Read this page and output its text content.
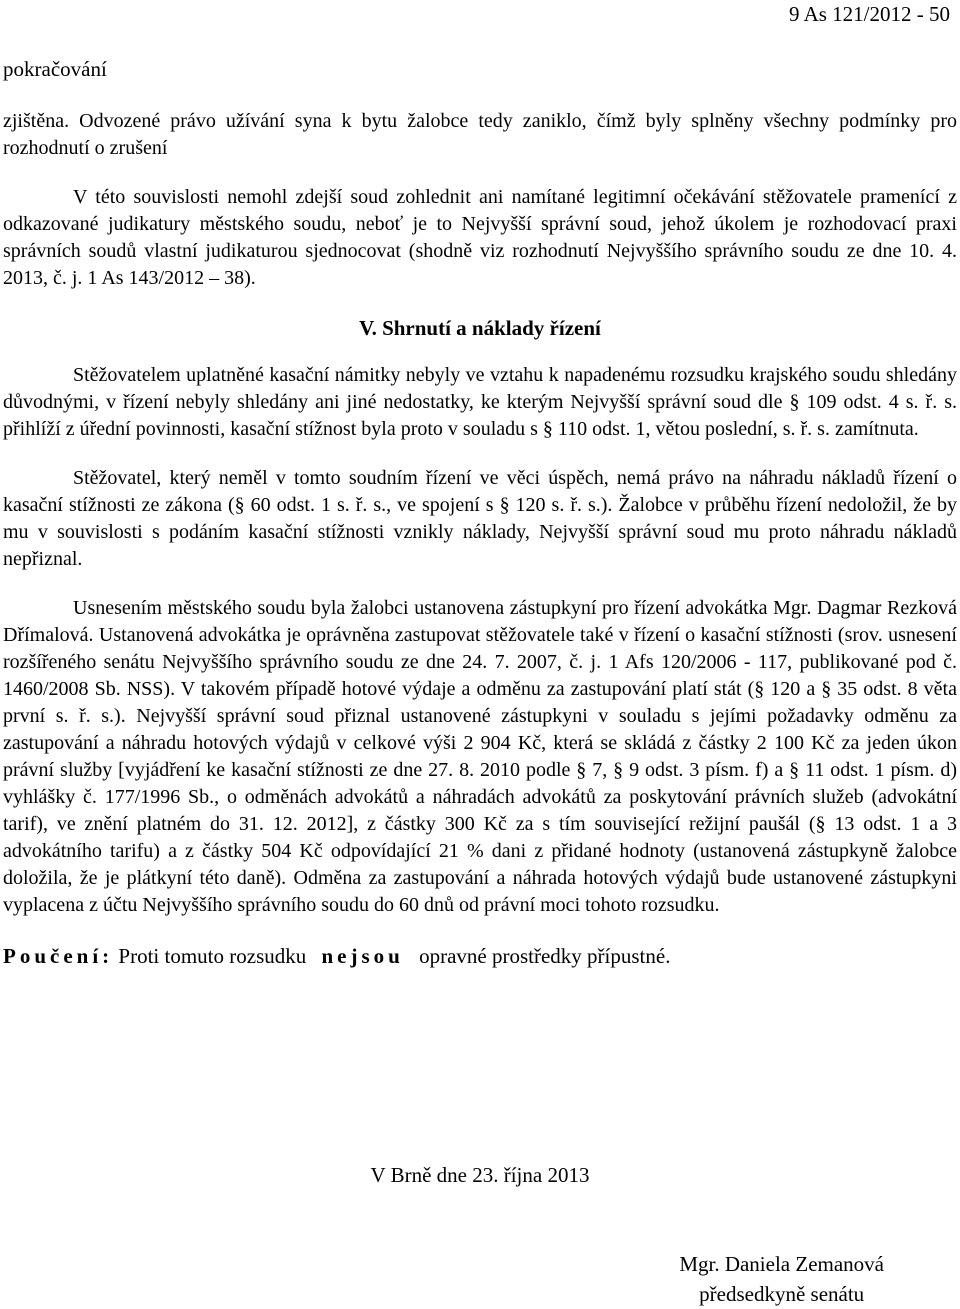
9 As 121/2012 - 50
pokračování

zjištěna. Odvozené právo užívání syna k bytu žalobce tedy zaniklo, čímž byly splněny všechny podmínky pro rozhodnutí o zrušení

V této souvislosti nemohl zdejší soud zohlednit ani namítané legitimní očekávání stěžovatele pramenící z odkazované judikatury městského soudu, neboť je to Nejvyšší správní soud, jehož úkolem je rozhodovací praxi správních soudů vlastní judikaturou sjednocovat (shodně viz rozhodnutí Nejvyššího správního soudu ze dne 10. 4. 2013, č. j. 1 As 143/2012 – 38).

V. Shrnutí a náklady řízení

Stěžovatelem uplatněné kasační námitky nebyly ve vztahu k napadenému rozsudku krajského soudu shledány důvodnými, v řízení nebyly shledány ani jiné nedostatky, ke kterým Nejvyšší správní soud dle § 109 odst. 4 s. ř. s. přihlíží z úřední povinnosti, kasační stížnost byla proto v souladu s § 110 odst. 1, větou poslední, s. ř. s. zamítnuta.

Stěžovatel, který neměl v tomto soudním řízení ve věci úspěch, nemá právo na náhradu nákladů řízení o kasační stížnosti ze zákona (§ 60 odst. 1 s. ř. s., ve spojení s § 120 s. ř. s.). Žalobce v průběhu řízení nedoložil, že by mu v souvislosti s podáním kasační stížnosti vznikly náklady, Nejvyšší správní soud mu proto náhradu nákladů nepřiznal.

Usnesením městského soudu byla žalobci ustanovena zástupkyní pro řízení advokátka Mgr. Dagmar Rezková Dřímalová. Ustanovená advokátka je oprávněna zastupovat stěžovatele také v řízení o kasační stížnosti (srov. usnesení rozšířeného senátu Nejvyššího správního soudu ze dne 24. 7. 2007, č. j. 1 Afs 120/2006 - 117, publikované pod č. 1460/2008 Sb. NSS). V takovém případě hotové výdaje a odměnu za zastupování platí stát (§ 120 a § 35 odst. 8 věta první s. ř. s.). Nejvyšší správní soud přiznal ustanovené zástupkyni v souladu s jejími požadavky odměnu za zastupování a náhradu hotových výdajů v celkové výši 2 904 Kč, která se skládá z částky 2 100 Kč za jeden úkon právní služby [vyjádření ke kasační stížnosti ze dne 27. 8. 2010 podle § 7, § 9 odst. 3 písm. f) a § 11 odst. 1 písm. d) vyhlášky č. 177/1996 Sb., o odměnách advokátů a náhradách advokátů za poskytování právních služeb (advokátní tarif), ve znění platném do 31. 12. 2012], z částky 300 Kč za s tím související režijní paušál (§ 13 odst. 1 a 3 advokátního tarifu) a z částky 504 Kč odpovídající 21 % dani z přidané hodnoty (ustanovená zástupkyně žalobce doložila, že je plátkyní této daně). Odměna za zastupování a náhrada hotových výdajů bude ustanovené zástupkyni vyplacena z účtu Nejvyššího správního soudu do 60 dnů od právní moci tohoto rozsudku.

Poučení: Proti tomuto rozsudku nejsou opravné prostředky přípustné.
V Brně dne 23. října 2013
Mgr. Daniela Zemanová
předsedkyně senátu
